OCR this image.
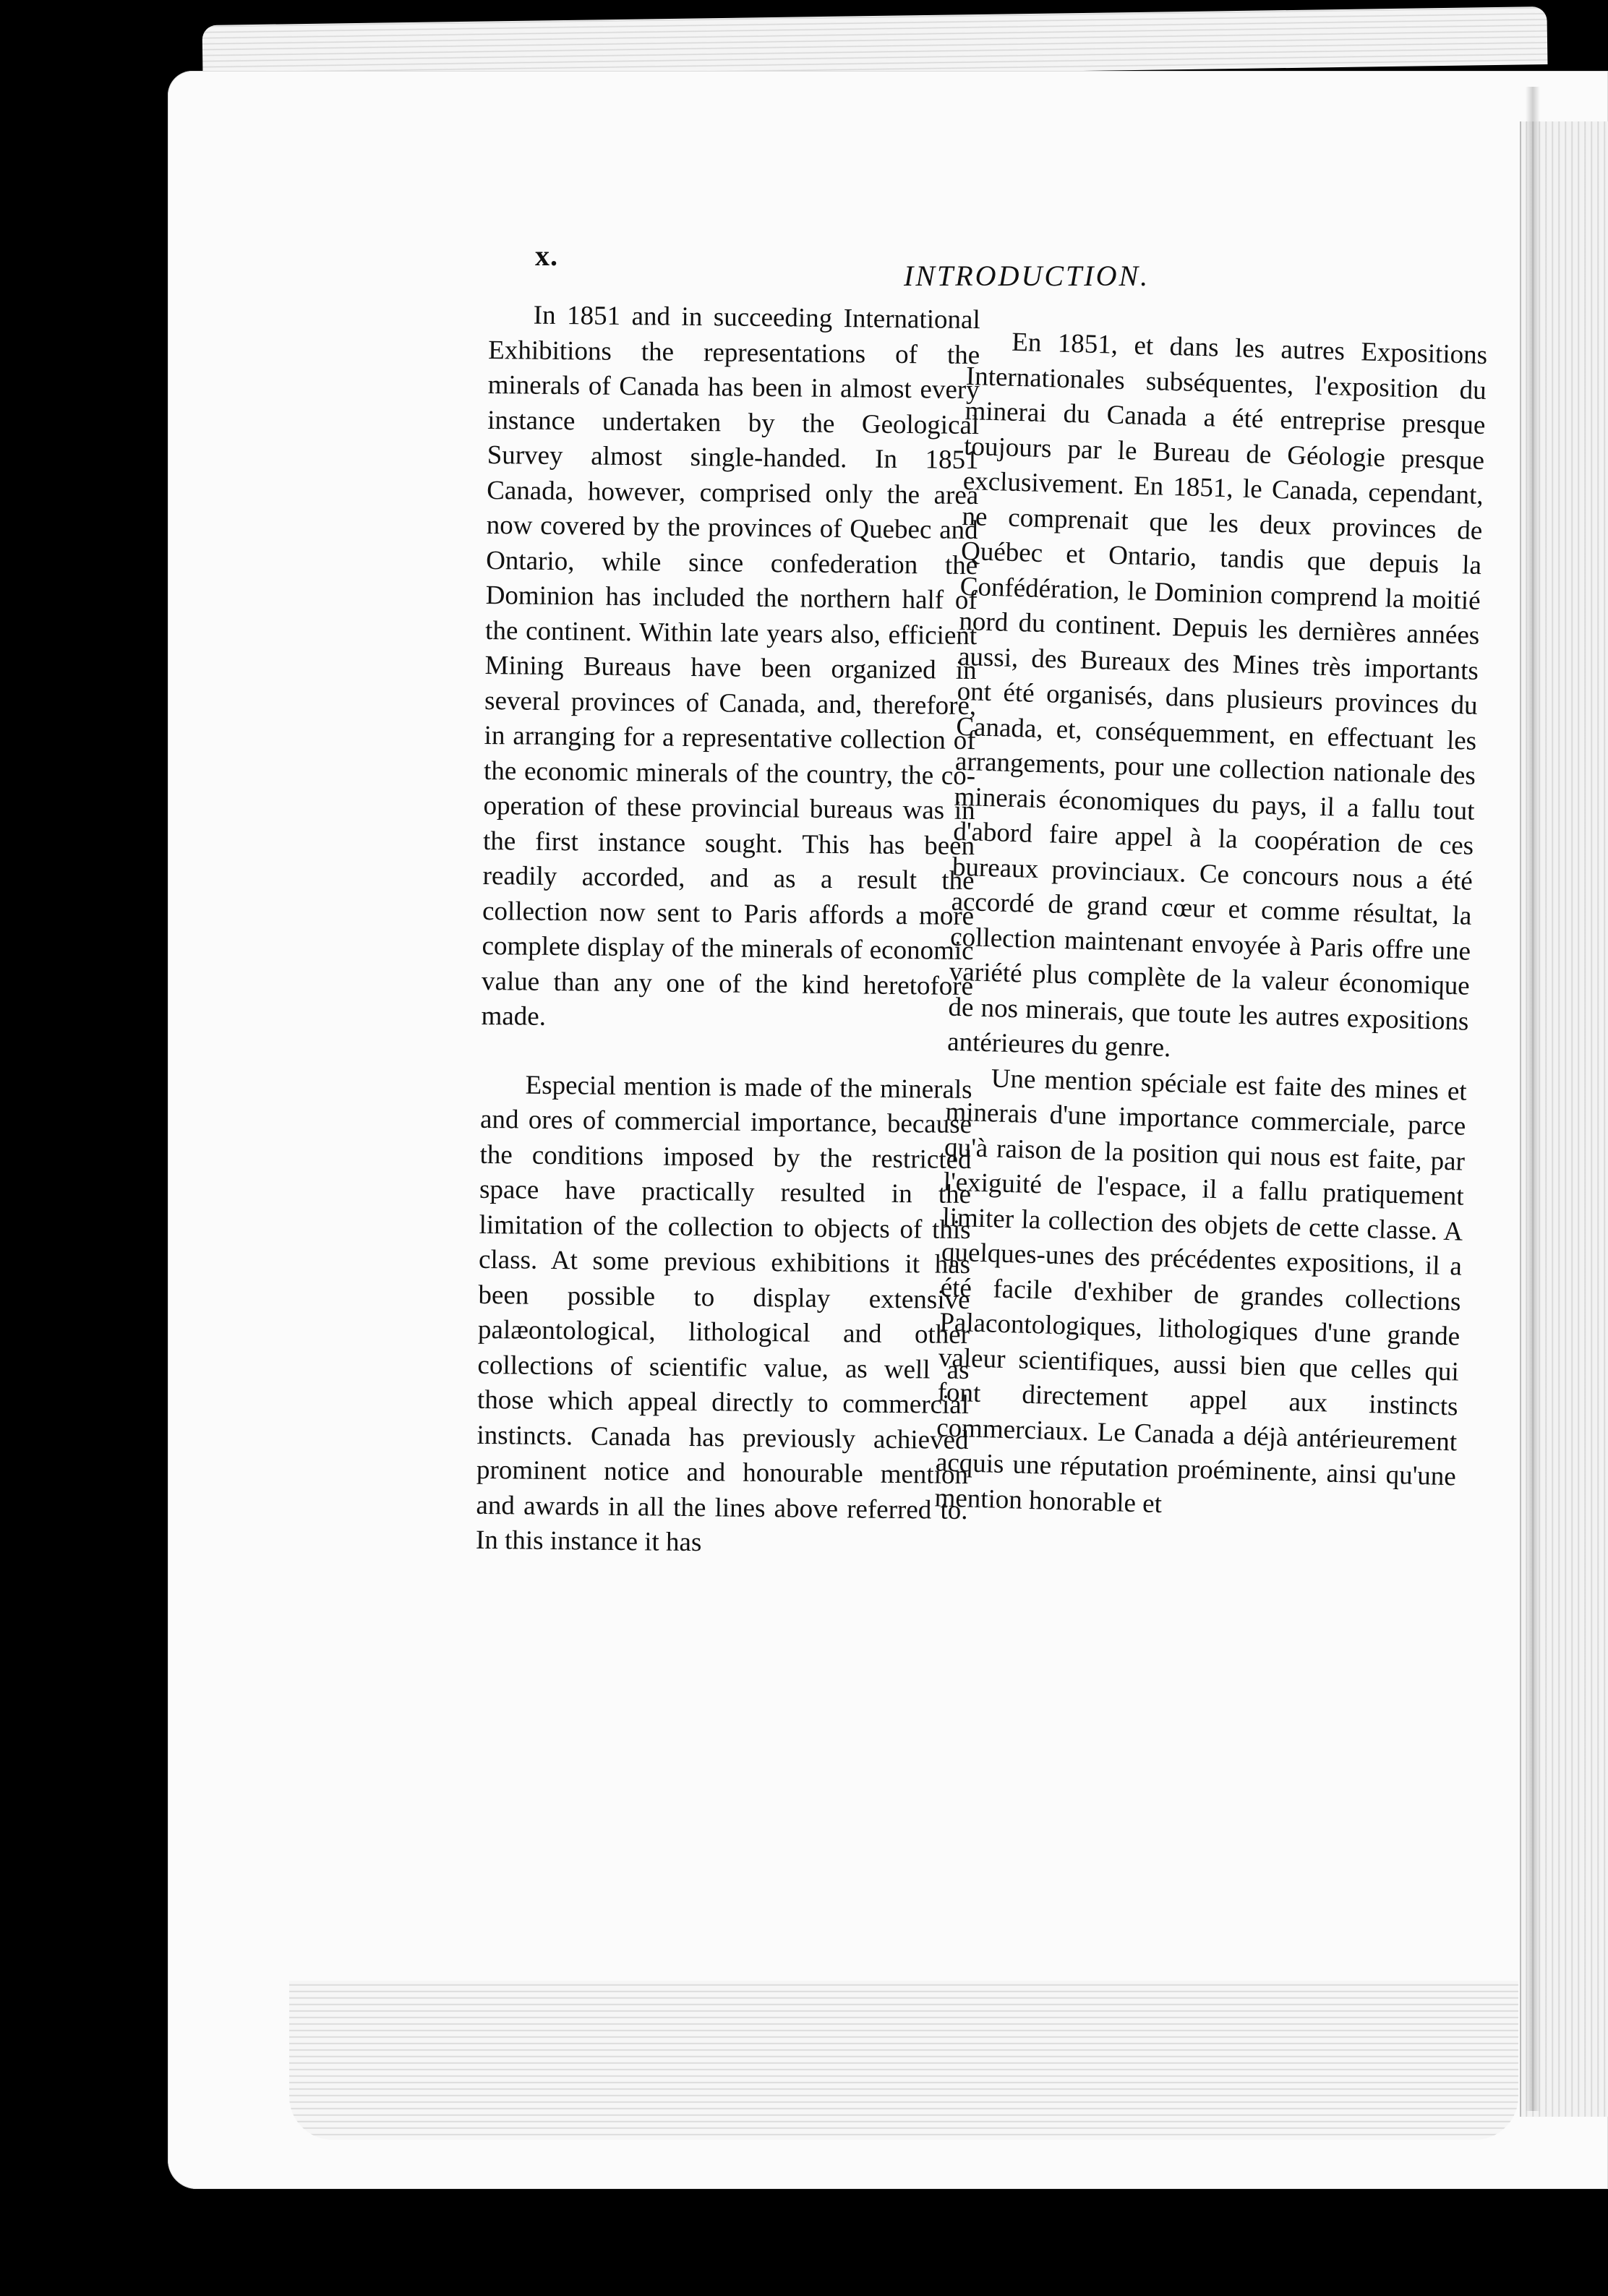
x.
INTRODUCTION.

In 1851 and in succeeding International Exhibitions the representations of the minerals of Canada has been in almost every instance undertaken by the Geological Survey almost single-handed. In 1851 Canada, however, comprised only the area now covered by the provinces of Quebec and Ontario, while since confederation the Dominion has included the northern half of the continent. Within late years also, efficient Mining Bureaus have been organized in several provinces of Canada, and, therefore, in arranging for a representative collection of the economic minerals of the country, the co-operation of these provincial bureaus was in the first instance sought. This has been readily accorded, and as a result the collection now sent to Paris affords a more complete display of the minerals of economic value than any one of the kind heretofore made.

Especial mention is made of the minerals and ores of commercial importance, because the conditions imposed by the restricted space have practically resulted in the limitation of the collection to objects of this class. At some previous exhibitions it has been possible to display extensive palæontological, lithological and other collections of scientific value, as well as those which appeal directly to commercial instincts. Canada has previously achieved prominent notice and honourable mention and awards in all the lines above referred to. In this instance it has

En 1851, et dans les autres Expositions Internationales subséquentes, l'exposition du minerai du Canada a été entreprise presque toujours par le Bureau de Géologie presque exclusivement. En 1851, le Canada, cependant, ne comprenait que les deux provinces de Québec et Ontario, tandis que depuis la Confédération, le Dominion comprend la moitié nord du continent. Depuis les dernières années aussi, des Bureaux des Mines très importants ont été organisés, dans plusieurs provinces du Canada, et, conséquemment, en effectuant les arrangements, pour une collection nationale des minerais économiques du pays, il a fallu tout d'abord faire appel à la coopération de ces bureaux provinciaux. Ce concours nous a été accordé de grand cœur et comme résultat, la collection maintenant envoyée à Paris offre une variété plus complète de la valeur économique de nos minerais, que toute les autres expositions antérieures du genre.

Une mention spéciale est faite des mines et minerais d'une importance commerciale, parce qu'à raison de la position qui nous est faite, par l'exiguité de l'espace, il a fallu pratiquement limiter la collection des objets de cette classe. A quelques-unes des précédentes expositions, il a été facile d'exhiber de grandes collections Palacontologiques, lithologiques d'une grande valeur scientifiques, aussi bien que celles qui font directement appel aux instincts commerciaux. Le Canada a déjà antérieurement acquis une réputation proéminente, ainsi qu'une mention honorable et
